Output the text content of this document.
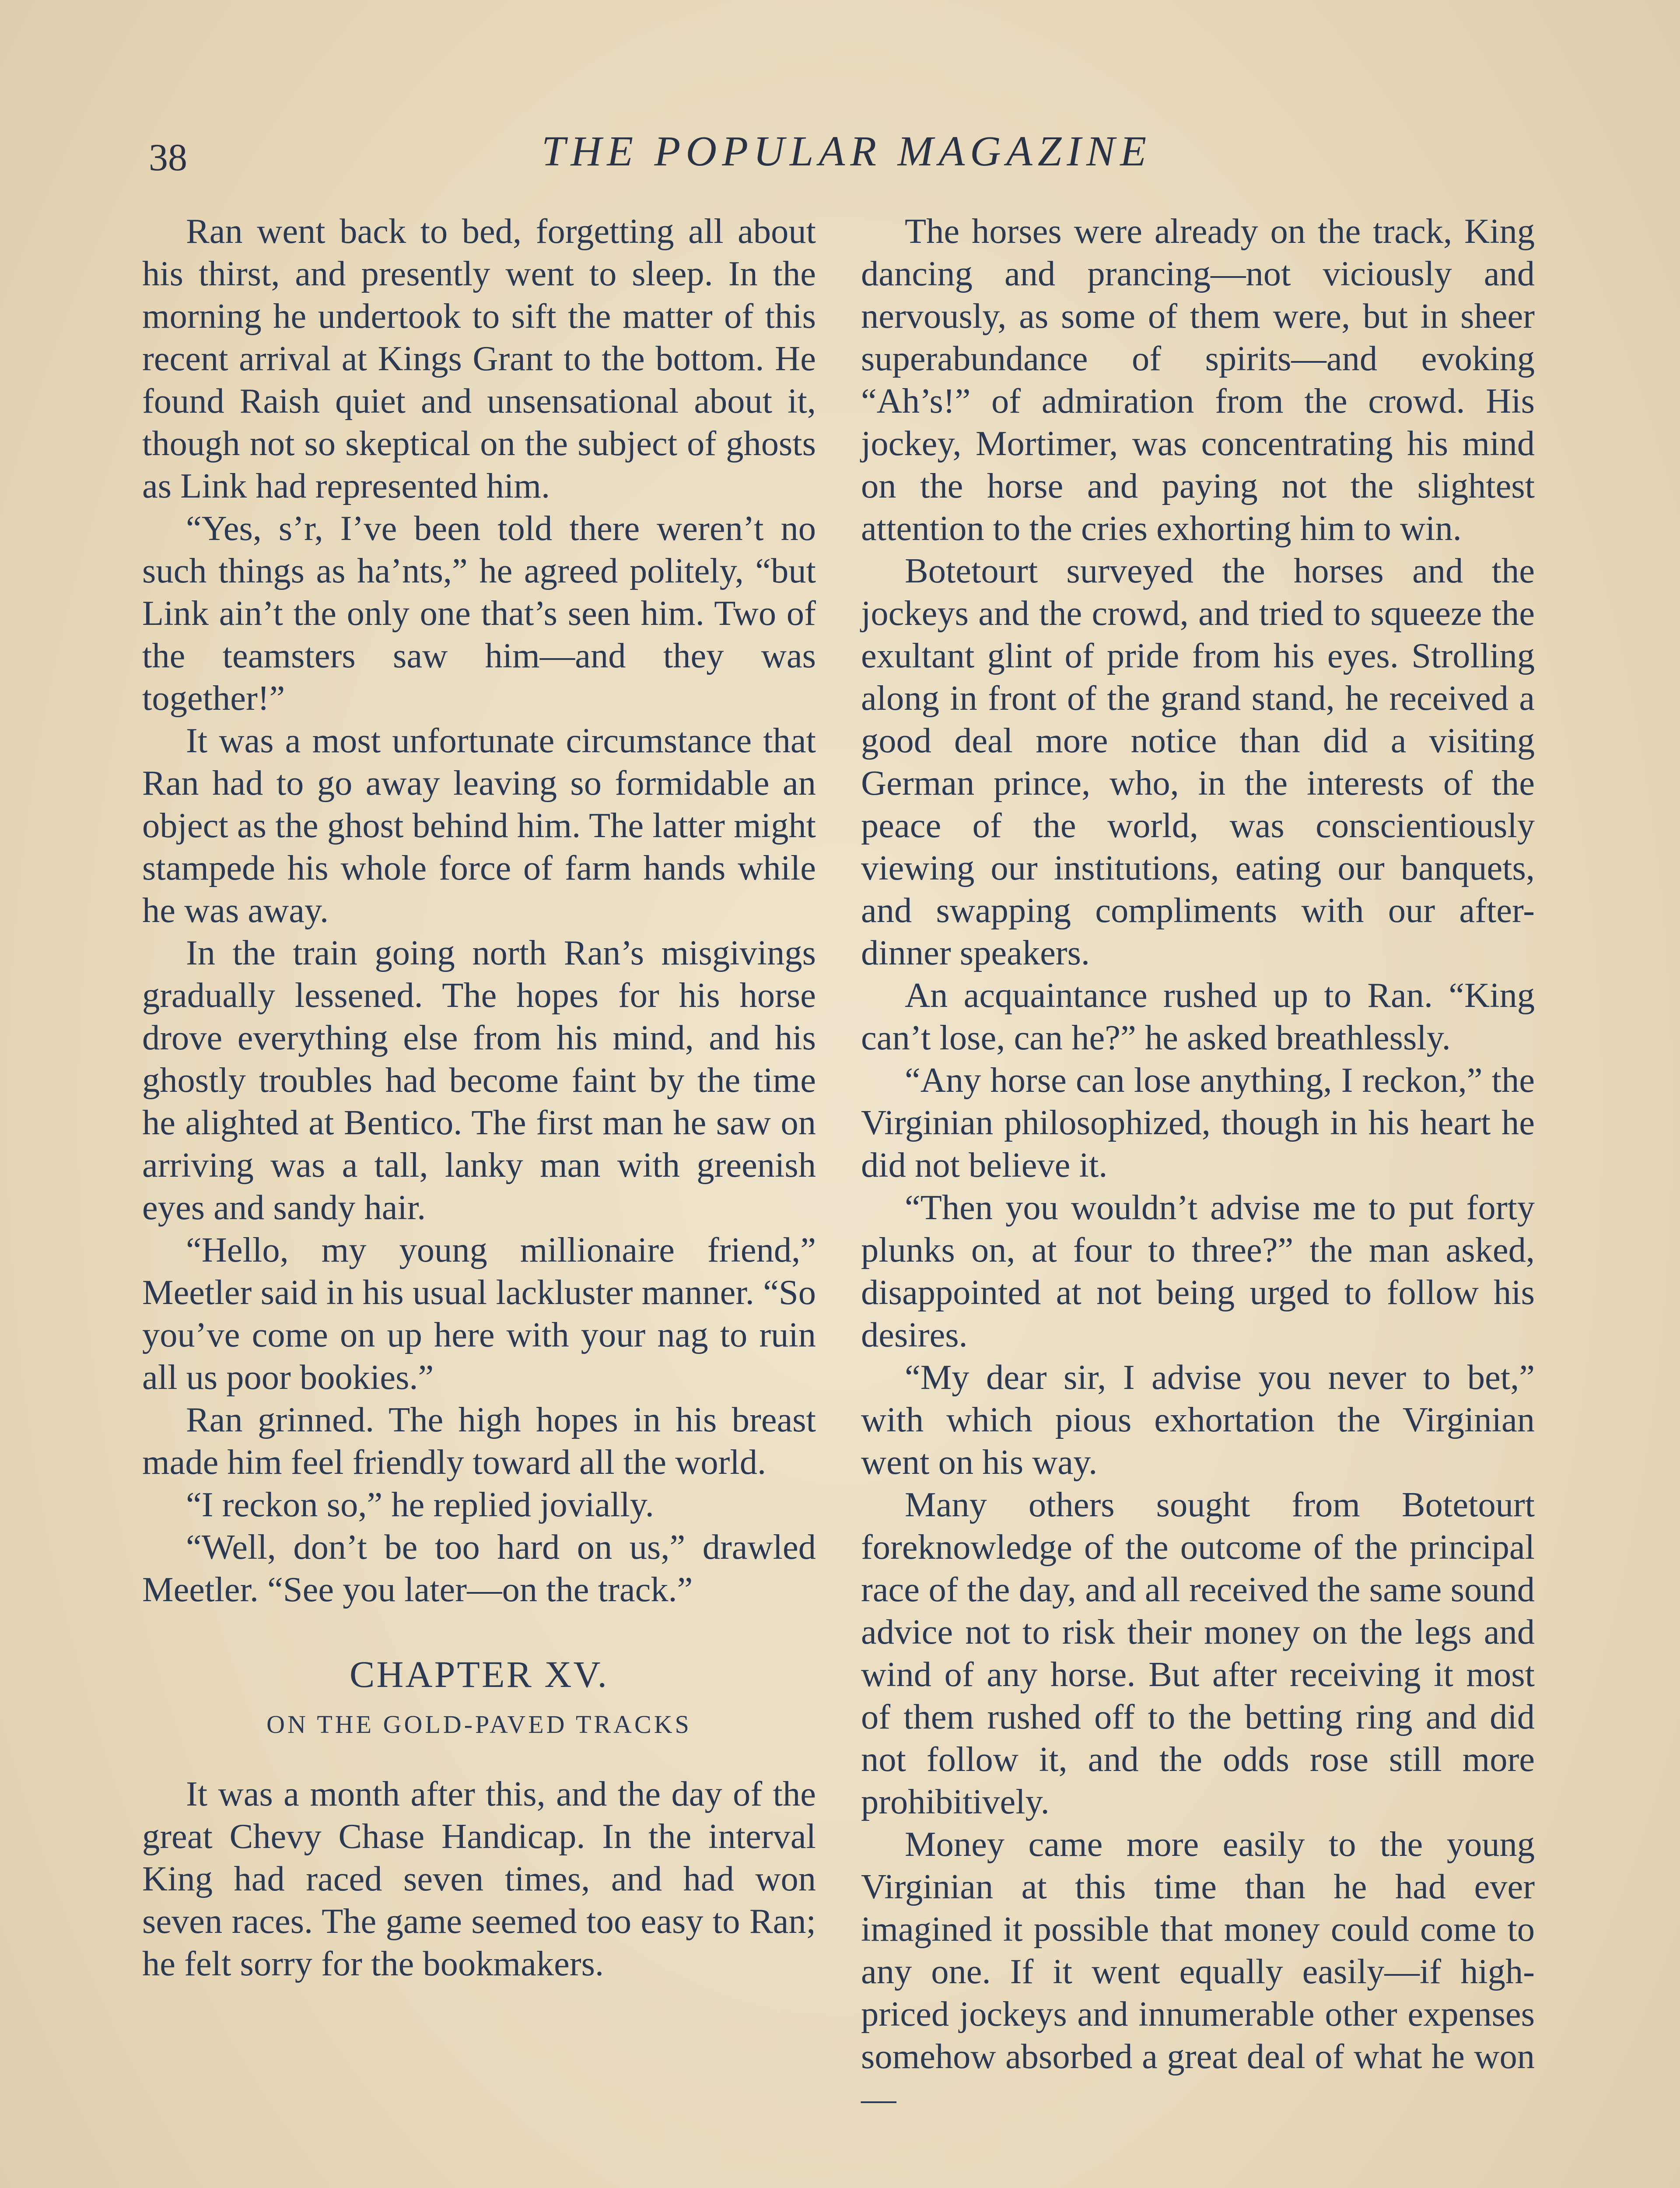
38	THE POPULAR MAGAZINE

Ran went back to bed, forgetting all about his thirst, and presently went to sleep. In the morning he undertook to sift the matter of this recent arrival at Kings Grant to the bottom. He found Raish quiet and unsensational about it, though not so skeptical on the subject of ghosts as Link had represented him.

“Yes, s’r, I’ve been told there weren’t no such things as ha’nts,” he agreed politely, “but Link ain’t the only one that’s seen him. Two of the teamsters saw him—and they was together!”

It was a most unfortunate circumstance that Ran had to go away leaving so formidable an object as the ghost behind him. The latter might stampede his whole force of farm hands while he was away.

In the train going north Ran’s misgivings gradually lessened. The hopes for his horse drove everything else from his mind, and his ghostly troubles had become faint by the time he alighted at Bentico. The first man he saw on arriving was a tall, lanky man with greenish eyes and sandy hair.

“Hello, my young millionaire friend,” Meetler said in his usual lackluster manner. “So you’ve come on up here with your nag to ruin all us poor bookies.”

Ran grinned. The high hopes in his breast made him feel friendly toward all the world.

“I reckon so,” he replied jovially.

“Well, don’t be too hard on us,” drawled Meetler. “See you later—on the track.”

CHAPTER XV.
ON THE GOLD-PAVED TRACKS

It was a month after this, and the day of the great Chevy Chase Handicap. In the interval King had raced seven times, and had won seven races. The game seemed too easy to Ran; he felt sorry for the bookmakers.

The horses were already on the track, King dancing and prancing—not viciously and nervously, as some of them were, but in sheer superabundance of spirits—and evoking “Ah’s!” of admiration from the crowd. His jockey, Mortimer, was concentrating his mind on the horse and paying not the slightest attention to the cries exhorting him to win.

Botetourt surveyed the horses and the jockeys and the crowd, and tried to squeeze the exultant glint of pride from his eyes. Strolling along in front of the grand stand, he received a good deal more notice than did a visiting German prince, who, in the interests of the peace of the world, was conscientiously viewing our institutions, eating our banquets, and swapping compliments with our after-dinner speakers.

An acquaintance rushed up to Ran. “King can’t lose, can he?” he asked breathlessly.

“Any horse can lose anything, I reckon,” the Virginian philosophized, though in his heart he did not believe it.

“Then you wouldn’t advise me to put forty plunks on, at four to three?” the man asked, disappointed at not being urged to follow his desires.

“My dear sir, I advise you never to bet,” with which pious exhortation the Virginian went on his way.

Many others sought from Botetourt foreknowledge of the outcome of the principal race of the day, and all received the same sound advice not to risk their money on the legs and wind of any horse. But after receiving it most of them rushed off to the betting ring and did not follow it, and the odds rose still more prohibitively.

Money came more easily to the young Virginian at this time than he had ever imagined it possible that money could come to any one. If it went equally easily—if high-priced jockeys and innumerable other expenses somehow absorbed a great deal of what he won—
